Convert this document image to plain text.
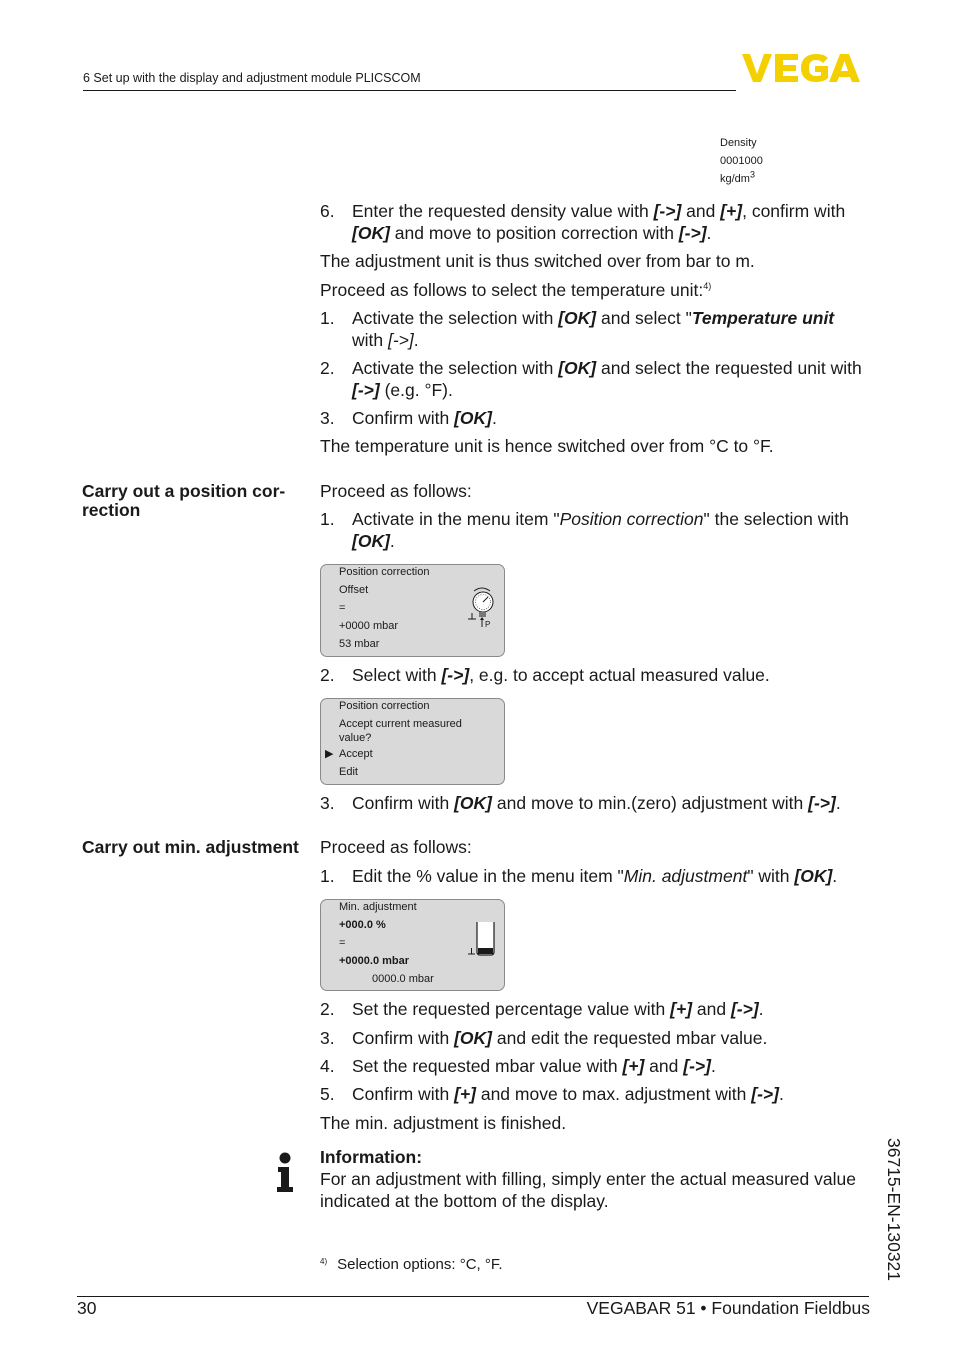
6 Set up with the display and adjustment module PLICSCOM
Density
0001000
$kg/dm^3$
6. Enter the requested density value with [->] and [+], confirm with
[OK] and move to position correction with [->].
The adjustment unit is thus switched over from bar to m.
Proceed as follows to select the temperature unit:$^{4)}$
1. Activate the selection with [OK] and select "Temperature unit
with [->].
2. Activate the selection with [OK] and select the requested unit with
[->] (e.g. °F).
3. Confirm with [OK].
The temperature unit is hence switched over from °C to °F.
Carry out a position cor-
rection
Proceed as follows:
1. Activate in the menu item "Position correction" the selection with
[OK].
Position correction
Offset
=
+0000 mbar
53 mbar
P
2. Select with [->], e.g. to accept actual measured value.
Position correction
Accept current measured
value?
▶ Accept
Edit
3. Confirm with [OK] and move to min.(zero) adjustment with [->].
Carry out min. adjustment Proceed as follows:
1. Edit the % value in the menu item "Min. adjustment" with [OK].
Min. adjustment
+000.0 %
=
+0000.0 mbar
0000.0 mbar
2. Set the requested percentage value with [+] and [->].
3. Confirm with [OK] and edit the requested mbar value.
4. Set the requested mbar value with [+] and [->].
5. Confirm with [+] and move to max. adjustment with [->].
The min. adjustment is finished.
Information:
For an adjustment with filling, simply enter the actual measured value
indicated at the bottom of the display.
$^{4)}$ Selection options: °C, °F.	36715-EN-130321
30	VEGABAR 51 • Foundation Fieldbus
